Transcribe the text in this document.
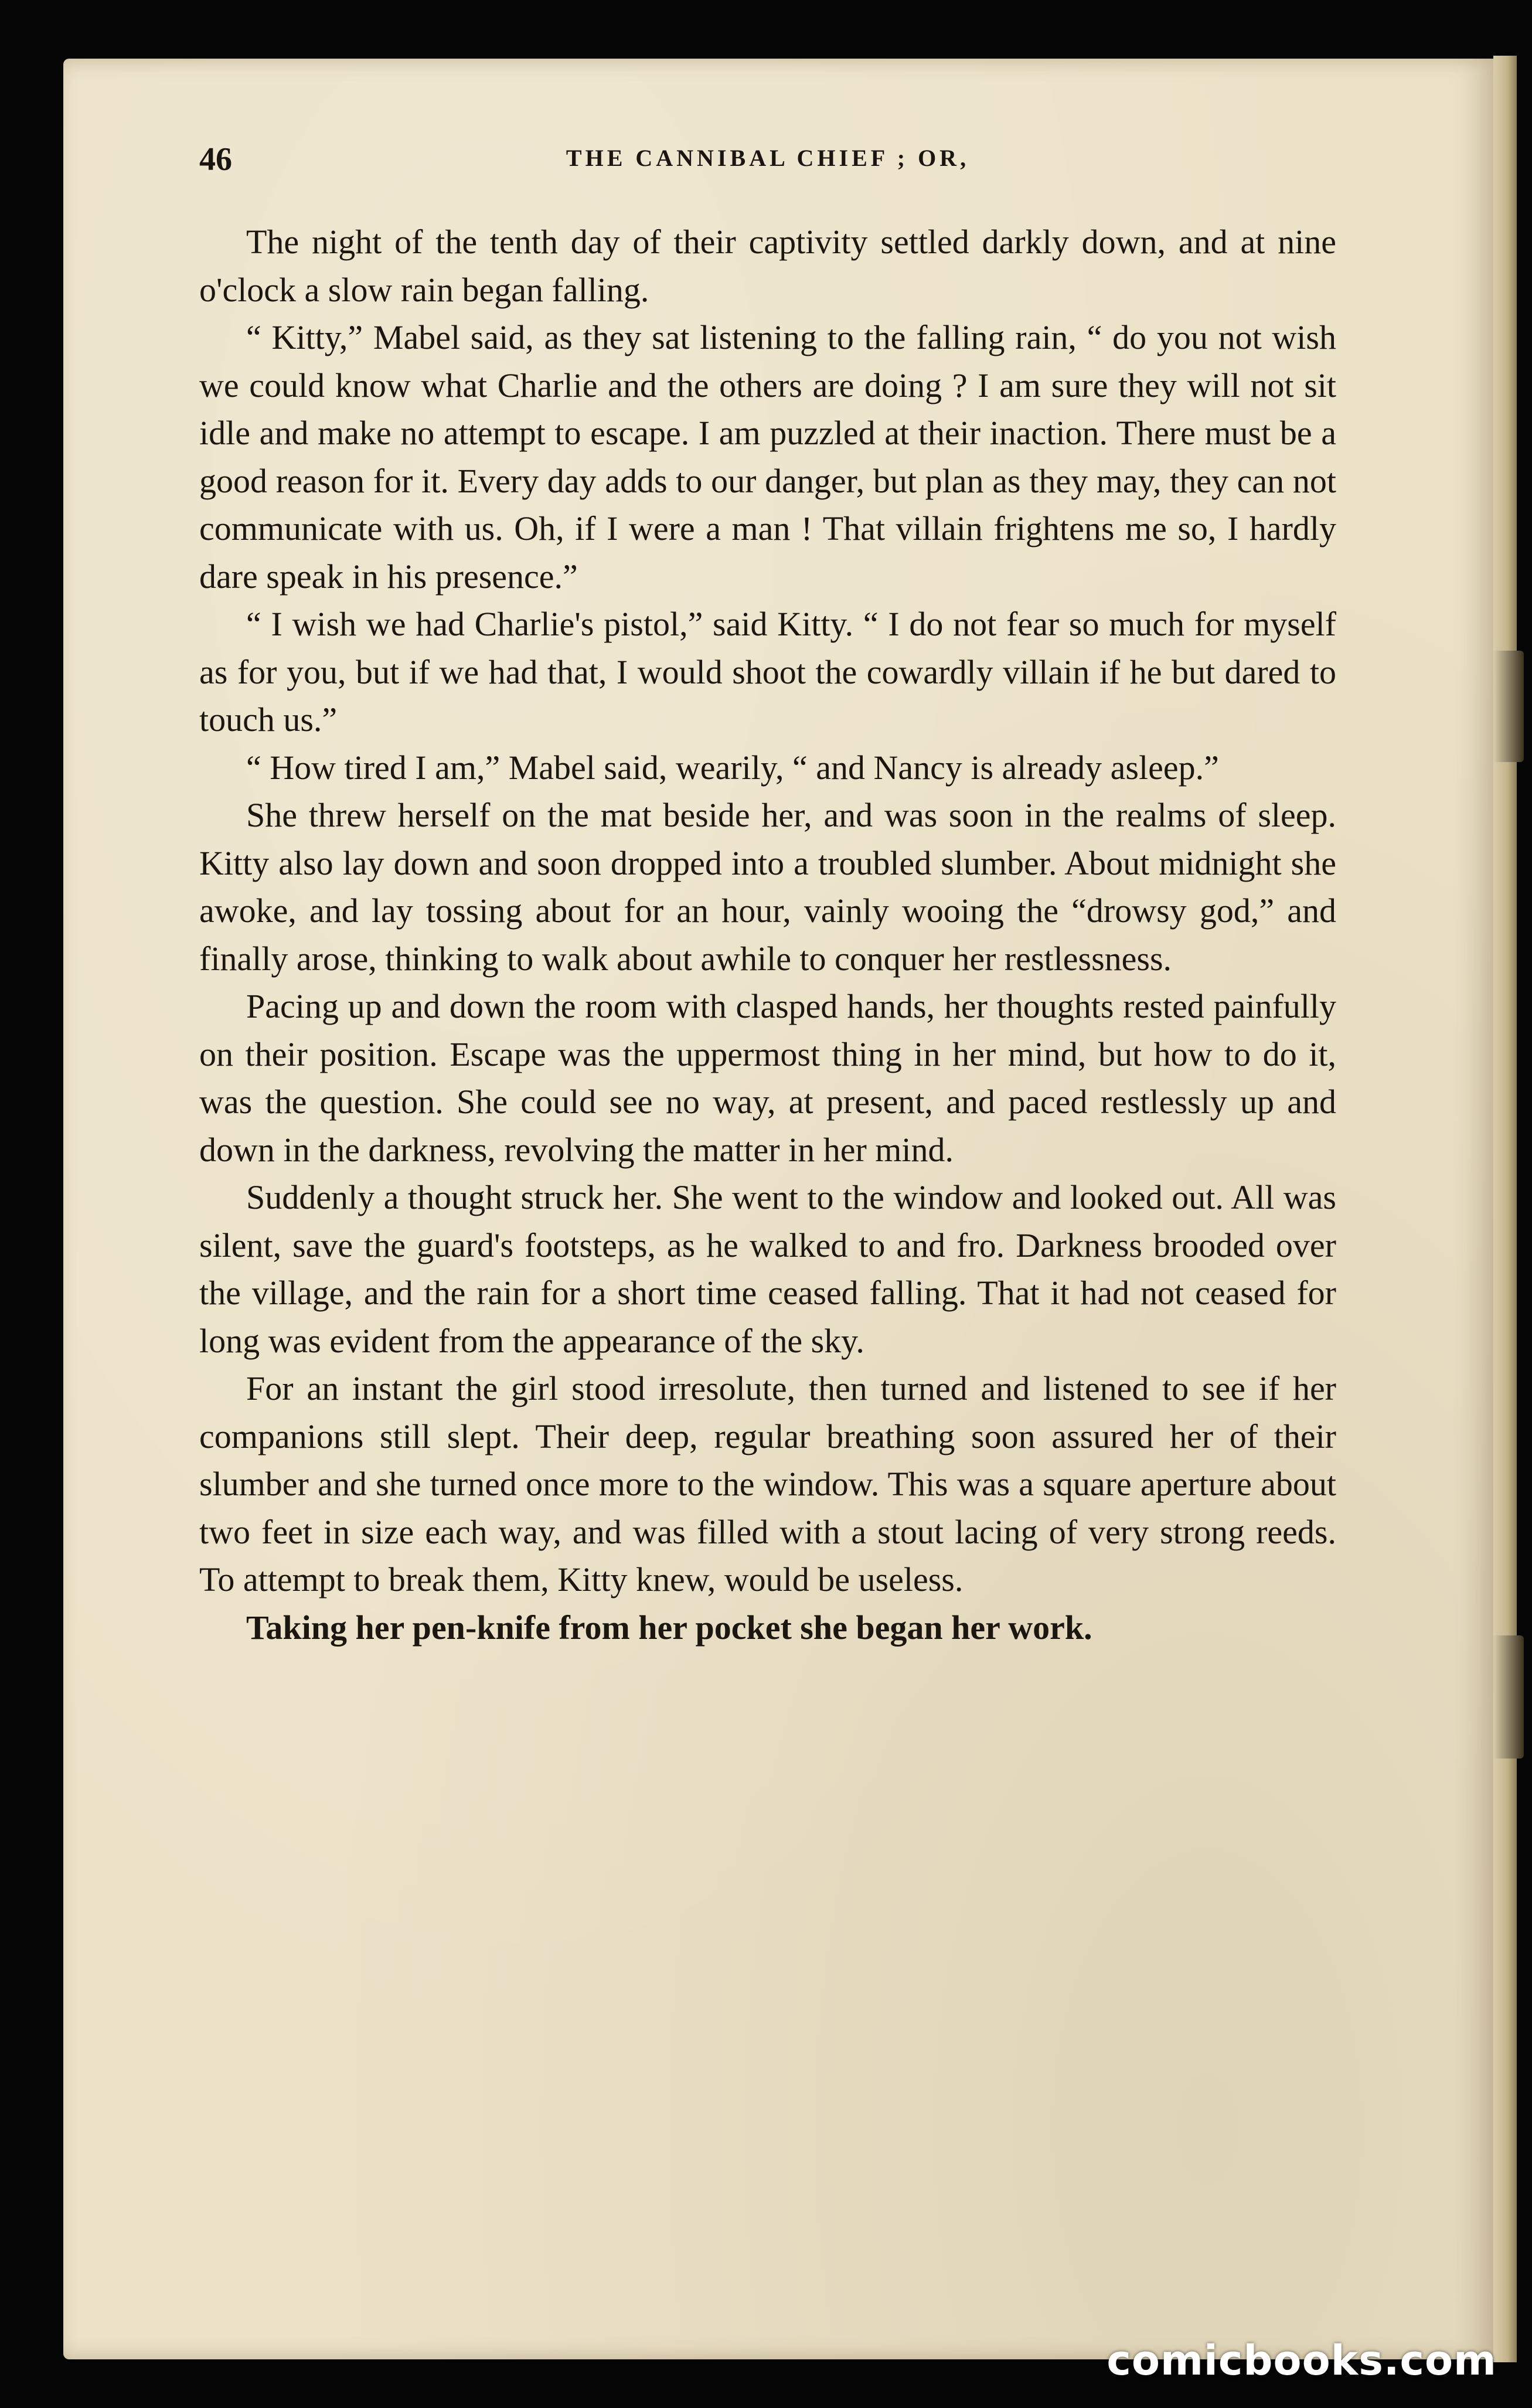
46	THE CANNIBAL CHIEF ; OR,

The night of the tenth day of their captivity settled darkly down, and at nine o'clock a slow rain began falling.

“ Kitty,” Mabel said, as they sat listening to the falling rain, “ do you not wish we could know what Charlie and the others are doing ? I am sure they will not sit idle and make no attempt to escape. I am puzzled at their inaction. There must be a good reason for it. Every day adds to our danger, but plan as they may, they can not communicate with us. Oh, if I were a man ! That villain frightens me so, I hardly dare speak in his presence.”

“ I wish we had Charlie's pistol,” said Kitty. “ I do not fear so much for myself as for you, but if we had that, I would shoot the cowardly villain if he but dared to touch us.”

“ How tired I am,” Mabel said, wearily, “ and Nancy is already asleep.”

She threw herself on the mat beside her, and was soon in the realms of sleep. Kitty also lay down and soon dropped into a troubled slumber. About midnight she awoke, and lay tossing about for an hour, vainly wooing the “drowsy god,” and finally arose, thinking to walk about awhile to conquer her restlessness.

Pacing up and down the room with clasped hands, her thoughts rested painfully on their position. Escape was the uppermost thing in her mind, but how to do it, was the question. She could see no way, at present, and paced restlessly up and down in the darkness, revolving the matter in her mind.

Suddenly a thought struck her. She went to the window and looked out. All was silent, save the guard's footsteps, as he walked to and fro. Darkness brooded over the village, and the rain for a short time ceased falling. That it had not ceased for long was evident from the appearance of the sky.

For an instant the girl stood irresolute, then turned and listened to see if her companions still slept. Their deep, regular breathing soon assured her of their slumber and she turned once more to the window. This was a square aperture about two feet in size each way, and was filled with a stout lacing of very strong reeds. To attempt to break them, Kitty knew, would be useless.

Taking her pen-knife from her pocket she began her work.

comicbooks.com
